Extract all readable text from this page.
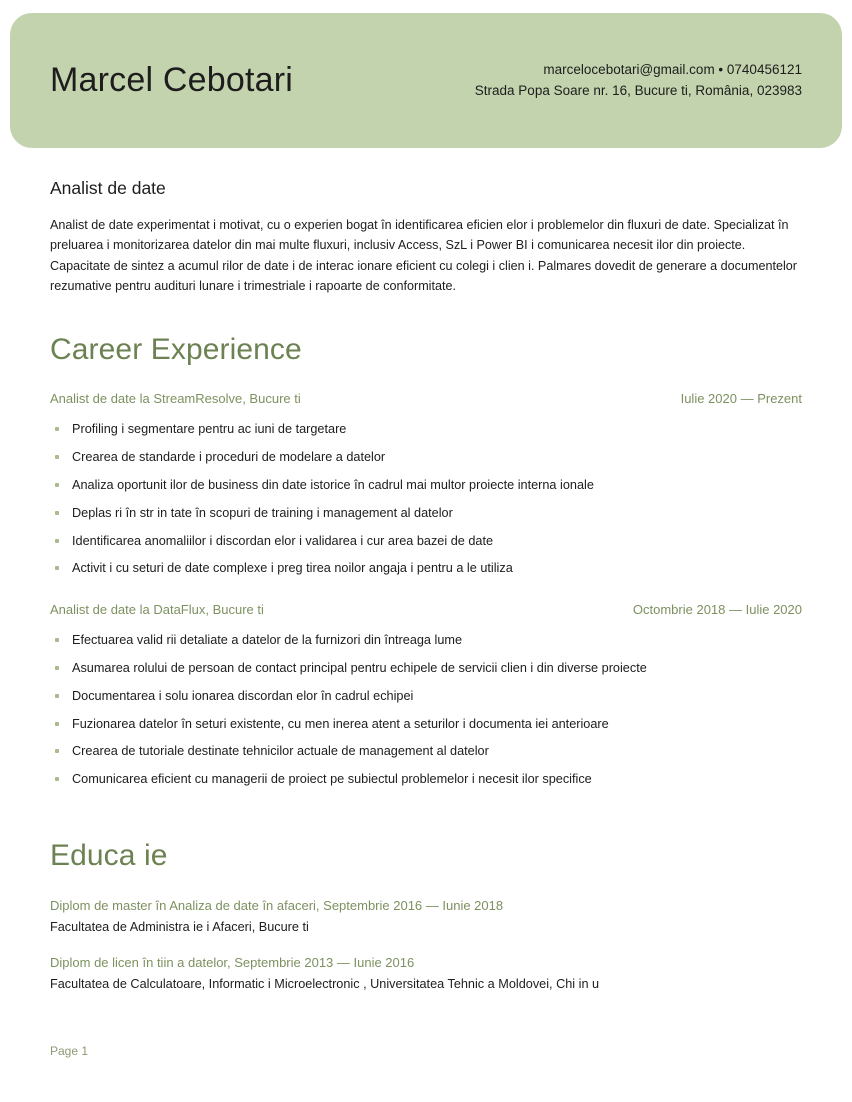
Marcel Cebotari	marcelocebotari@gmail.com • 0740456121
Strada Popa Soare nr. 16, Bucure ti, România, 023983
Analist de date

Analist de date experimentat i motivat, cu o experien bogat în identificarea eficien elor i problemelor din fluxuri de date. Specializat în preluarea i monitorizarea datelor din mai multe fluxuri, inclusiv Access, SzL i Power BI i comunicarea necesit ilor din proiecte. Capacitate de sintez a acumul rilor de date i de interac ionare eficient cu colegi i clien i. Palmares dovedit de generare a documentelor rezumative pentru audituri lunare i trimestriale i rapoarte de conformitate.

Career Experience
Analist de date la StreamResolve, Bucure ti	Iulie 2020 — Prezent
Profiling i segmentare pentru ac iuni de targetare
Crearea de standarde i proceduri de modelare a datelor
Analiza oportunit ilor de business din date istorice în cadrul mai multor proiecte interna ionale
Deplas ri în str in tate în scopuri de training i management al datelor
Identificarea anomaliilor i discordan elor i validarea i cur area bazei de date
Activit i cu seturi de date complexe i preg tirea noilor angaja i pentru a le utiliza
Analist de date la DataFlux, Bucure ti	Octombrie 2018 — Iulie 2020
Efectuarea valid rii detaliate a datelor de la furnizori din întreaga lume
Asumarea rolului de persoan de contact principal pentru echipele de servicii clien i din diverse proiecte
Documentarea i solu ionarea discordan elor în cadrul echipei
Fuzionarea datelor în seturi existente, cu men inerea atent a seturilor i documenta iei anterioare
Crearea de tutoriale destinate tehnicilor actuale de management al datelor
Comunicarea eficient cu managerii de proiect pe subiectul problemelor i necesit ilor specifice
Educa ie

Diplom de master în Analiza de date în afaceri, Septembrie 2016 — Iunie 2018

Facultatea de Administra ie i Afaceri, Bucure ti

Diplom de licen în tiin a datelor, Septembrie 2013 — Iunie 2016

Facultatea de Calculatoare, Informatic i Microelectronic , Universitatea Tehnic a Moldovei, Chi in u

Page 1
